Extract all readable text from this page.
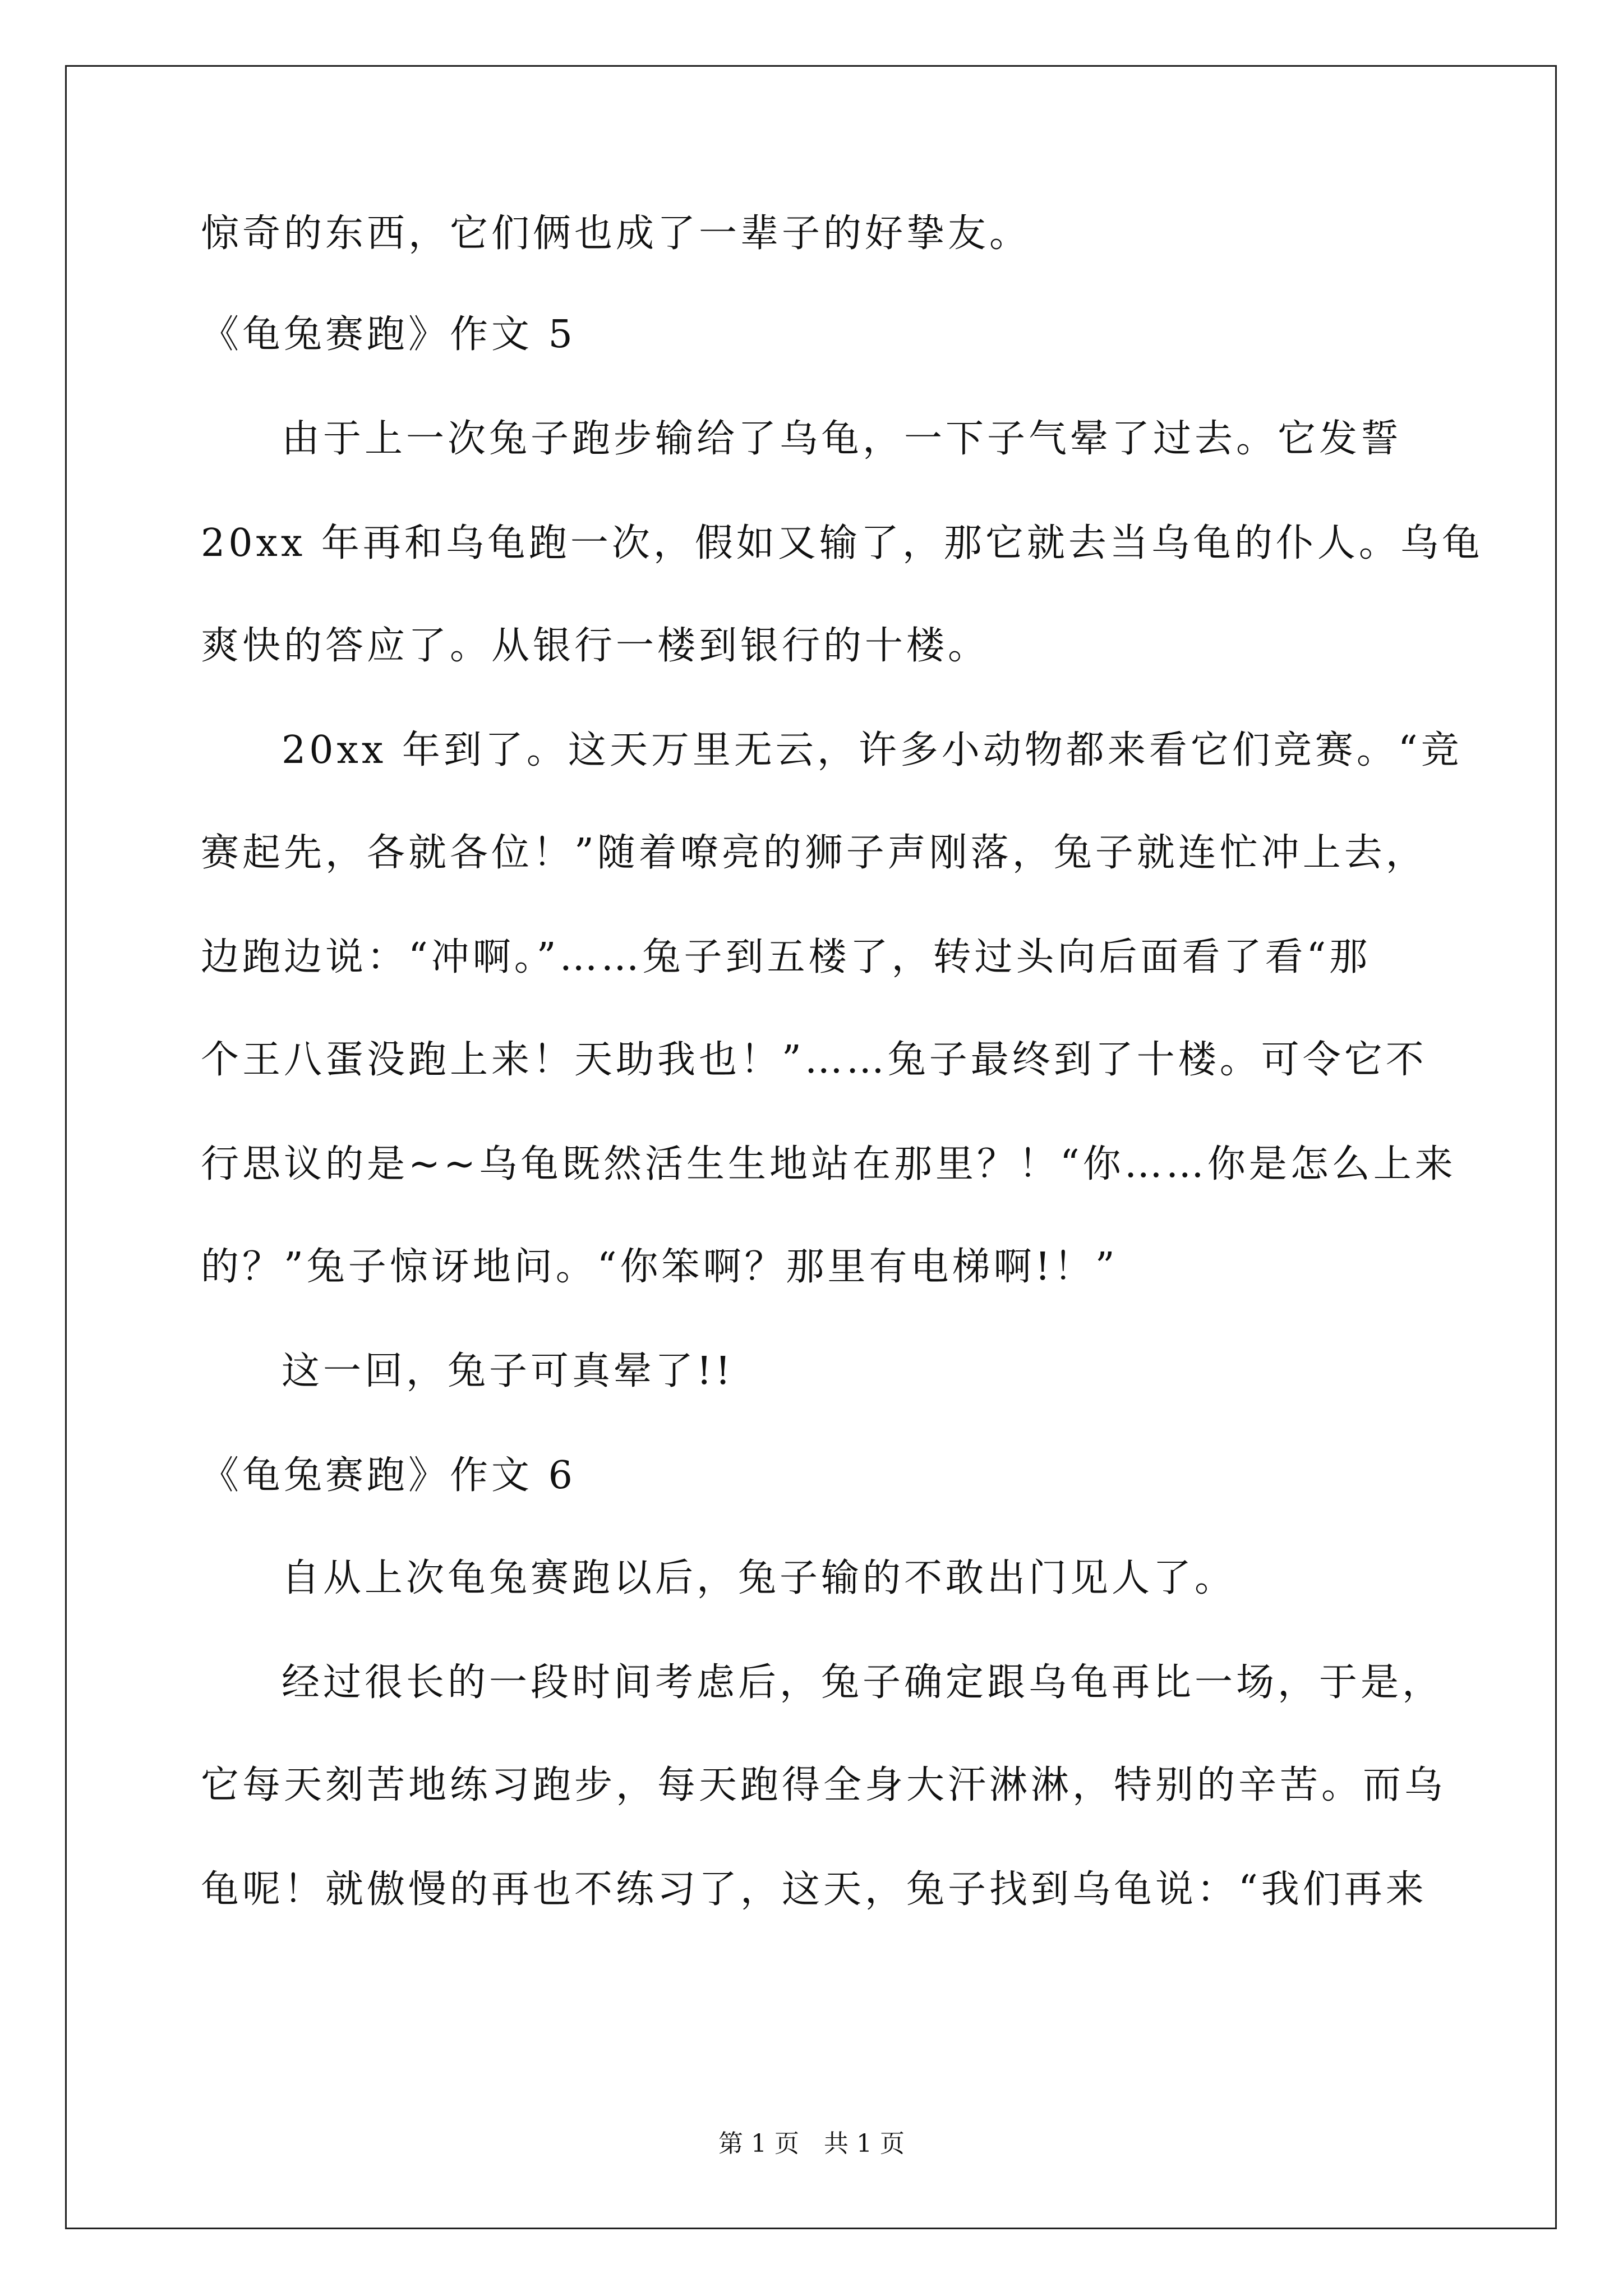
惊奇的东西，它们俩也成了一辈子的好挚友。
《龟兔赛跑》作文 5
由于上一次兔子跑步输给了乌龟，一下子气晕了过去。它发誓
20xx 年再和乌龟跑一次，假如又输了，那它就去当乌龟的仆人。乌龟
爽快的答应了。从银行一楼到银行的十楼。
20xx 年到了。这天万里无云，许多小动物都来看它们竞赛。“竞
赛起先，各就各位！”随着嘹亮的狮子声刚落，兔子就连忙冲上去，
边跑边说：“冲啊。”……兔子到五楼了，转过头向后面看了看“那
个王八蛋没跑上来！天助我也！”……兔子最终到了十楼。可令它不
行思议的是~~乌龟既然活生生地站在那里？！“你……你是怎么上来
的？”兔子惊讶地问。“你笨啊？那里有电梯啊!！”
这一回，兔子可真晕了!!
《龟兔赛跑》作文 6
自从上次龟兔赛跑以后，兔子输的不敢出门见人了。
经过很长的一段时间考虑后，兔子确定跟乌龟再比一场，于是，
它每天刻苦地练习跑步，每天跑得全身大汗淋淋，特别的辛苦。而乌
龟呢！就傲慢的再也不练习了，这天，兔子找到乌龟说：“我们再来
第 1 页　共 1 页
